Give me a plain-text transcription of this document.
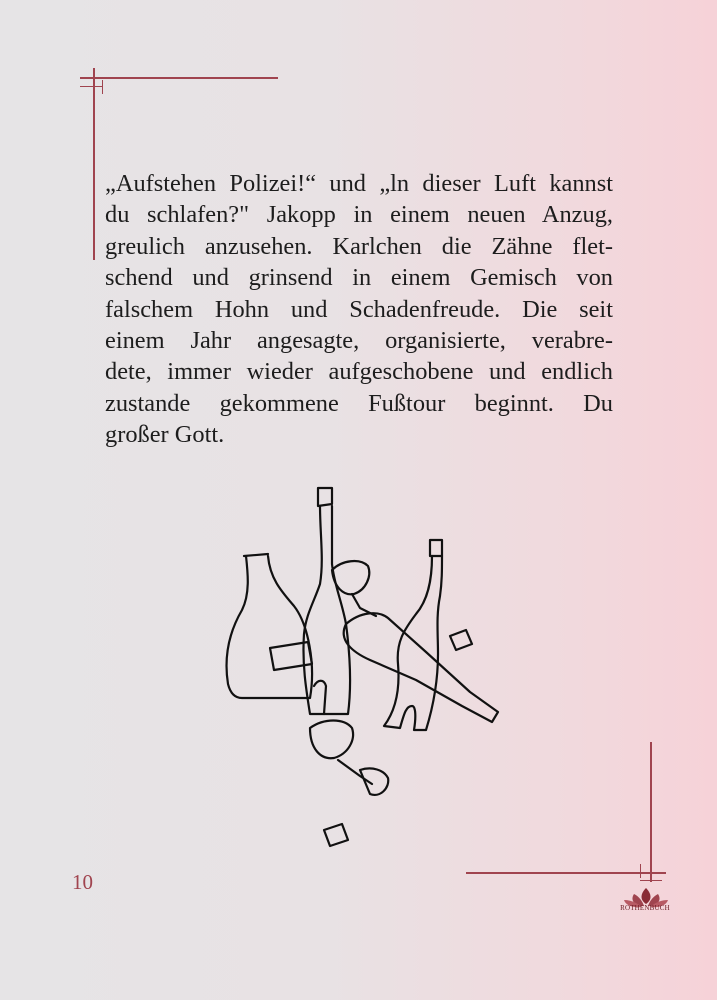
„Aufstehen Polizei!“ und „ln dieser Luft kannst
du schlafen?" Jakopp in einem neuen Anzug,
greulich anzusehen. Karlchen die Zähne flet-
schend und grinsend in einem Gemisch von
falschem Hohn und Schadenfreude. Die seit
einem Jahr angesagte, organisierte, verabre-
dete, immer wieder aufgeschobene und endlich
zustande gekommene Fußtour beginnt. Du
großer Gott.
10
ROTHENBUCH
